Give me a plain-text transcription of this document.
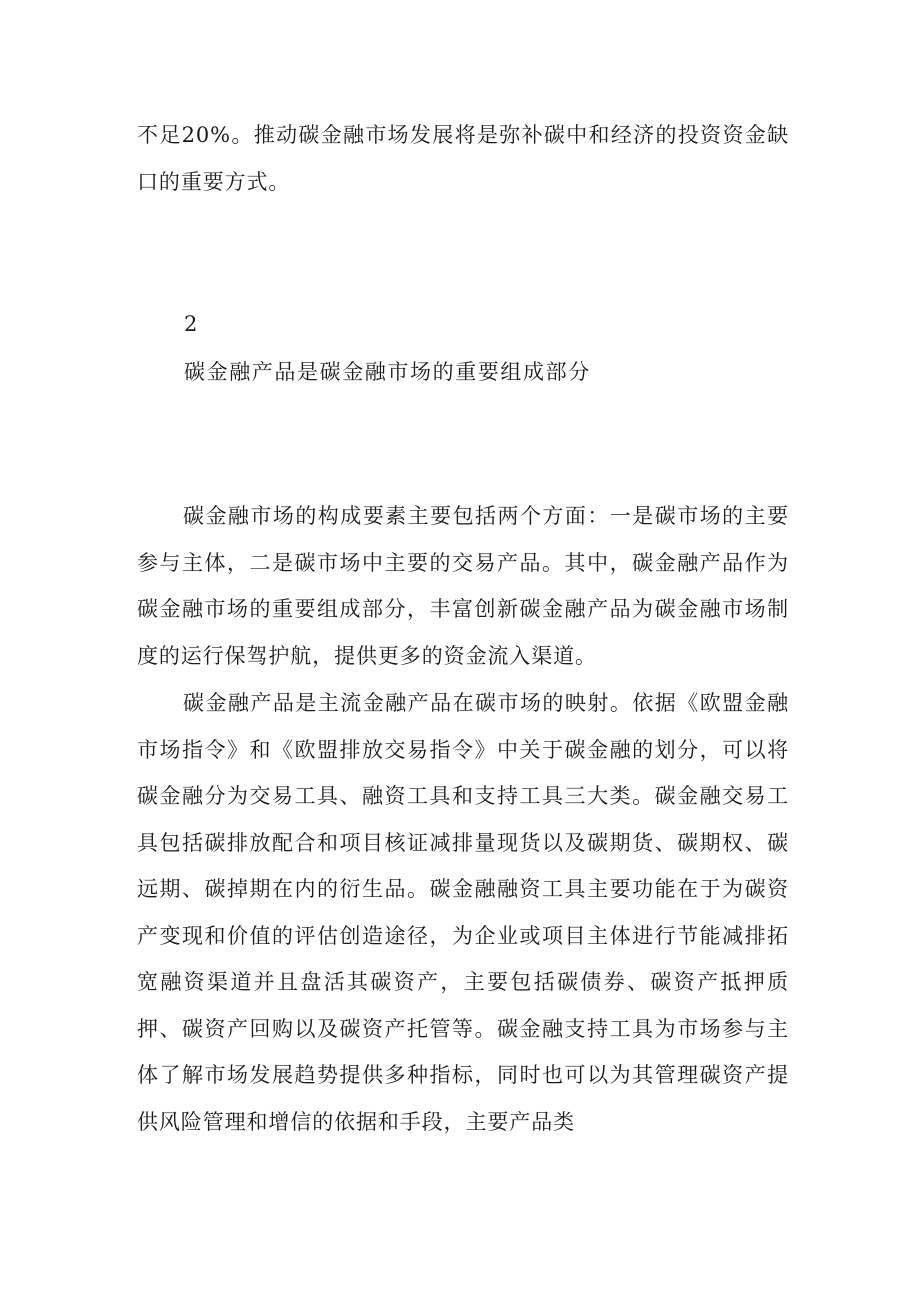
不足20%。推动碳金融市场发展将是弥补碳中和经济的投资资金缺口的重要方式。

2

碳金融产品是碳金融市场的重要组成部分

碳金融市场的构成要素主要包括两个方面：一是碳市场的主要参与主体，二是碳市场中主要的交易产品。其中，碳金融产品作为碳金融市场的重要组成部分，丰富创新碳金融产品为碳金融市场制度的运行保驾护航，提供更多的资金流入渠道。

碳金融产品是主流金融产品在碳市场的映射。依据《欧盟金融市场指令》和《欧盟排放交易指令》中关于碳金融的划分，可以将碳金融分为交易工具、融资工具和支持工具三大类。碳金融交易工具包括碳排放配合和项目核证减排量现货以及碳期货、碳期权、碳远期、碳掉期在内的衍生品。碳金融融资工具主要功能在于为碳资产变现和价值的评估创造途径，为企业或项目主体进行节能减排拓宽融资渠道并且盘活其碳资产，主要包括碳债券、碳资产抵押质押、碳资产回购以及碳资产托管等。碳金融支持工具为市场参与主体了解市场发展趋势提供多种指标，同时也可以为其管理碳资产提供风险管理和增信的依据和手段，主要产品类
